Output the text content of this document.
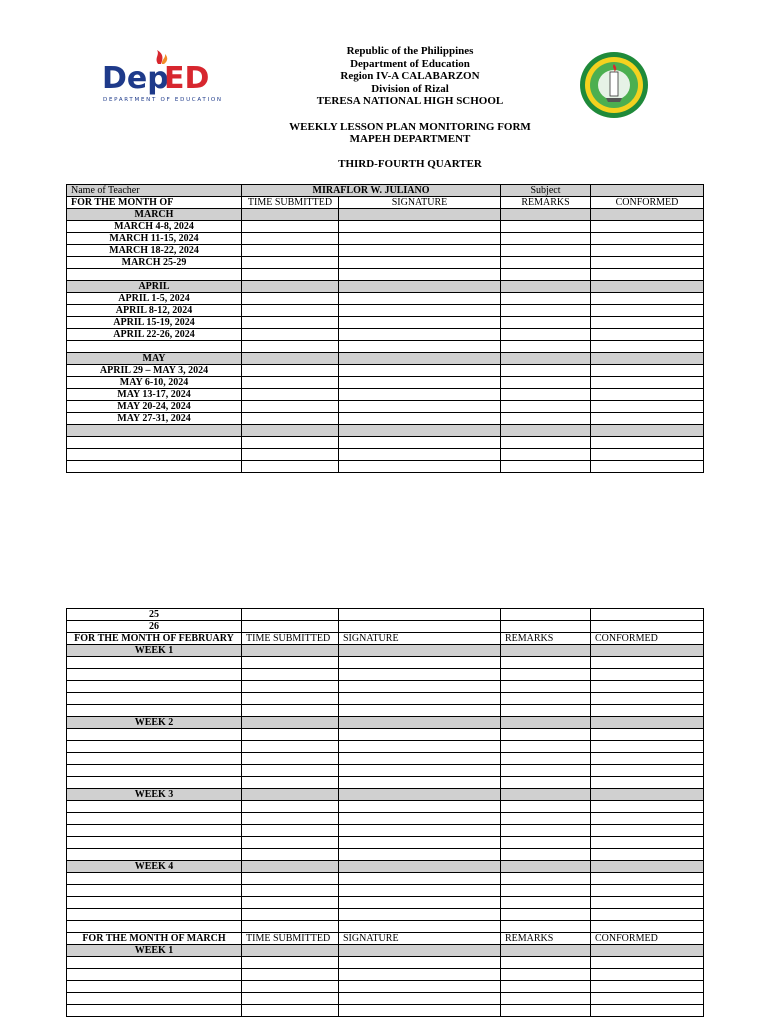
Dep
ED
DEPARTMENT OF EDUCATION
Republic of the Philippines
Department of Education
Region IV-A CALABARZON
Division of Rizal
TERESA NATIONAL HIGH SCHOOL
WEEKLY LESSON PLAN MONITORING FORM
MAPEH DEPARTMENT
THIRD-FOURTH QUARTER
Name of Teacher	MIRAFLOR W. JULIANO		Subject	
FOR THE MONTH OF	TIME SUBMITTED	SIGNATURE	REMARKS	CONFORMED
MARCH				
MARCH 4-8, 2024				
MARCH 11-15, 2024				
MARCH 18-22, 2024				
MARCH 25-29				

APRIL				
APRIL 1-5, 2024				
APRIL 8-12, 2024				
APRIL 15-19, 2024				
APRIL 22-26, 2024				

MAY				
APRIL 29 – MAY 3, 2024				
MAY 6-10, 2024				
MAY 13-17, 2024				
MAY 20-24, 2024				
MAY 27-31, 2024				

25				
26				
FOR THE MONTH OF FEBRUARY	TIME SUBMITTED	SIGNATURE	REMARKS	CONFORMED
WEEK 1				

WEEK 2				

WEEK 3				

WEEK 4				

FOR THE MONTH OF MARCH	TIME SUBMITTED	SIGNATURE	REMARKS	CONFORMED
WEEK 1				
